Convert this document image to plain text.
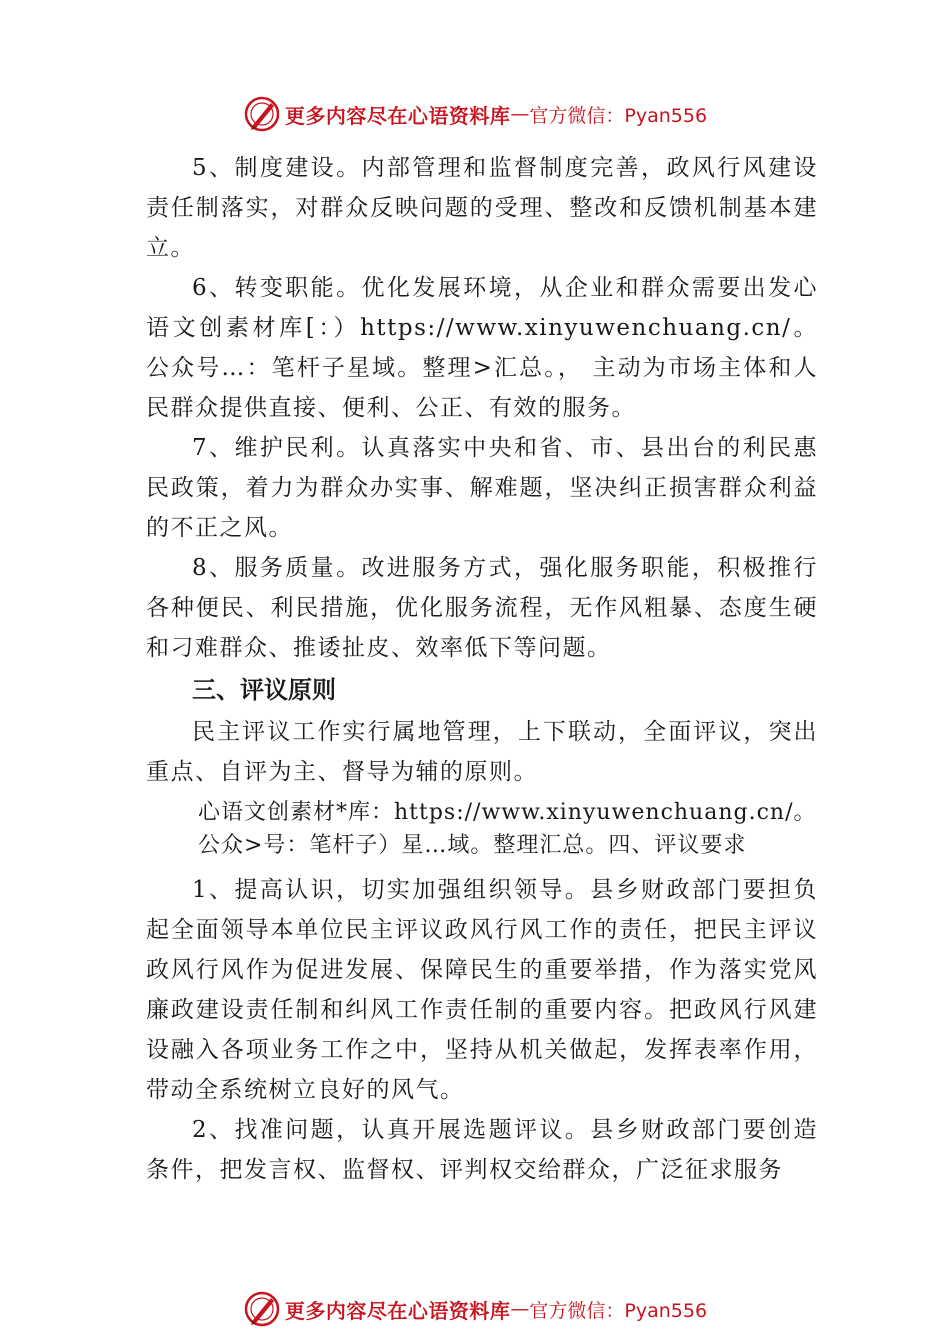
更多内容尽在心语资料库 — 官方微信：Pyan556

5、制度建设。内部管理和监督制度完善，政风行风建设责任制落实，对群众反映问题的受理、整改和反馈机制基本建立。

6、转变职能。优化发展环境，从企业和群众需要出发心语文创素材库[：）https://www.xinyuwenchuang.cn/。公众号…：笔杆子星域。整理>汇总。， 主动为市场主体和人民群众提供直接、便利、公正、有效的服务。

7、维护民利。认真落实中央和省、市、县出台的利民惠民政策，着力为群众办实事、解难题，坚决纠正损害群众利益的不正之风。

8、服务质量。改进服务方式，强化服务职能，积极推行各种便民、利民措施，优化服务流程，无作风粗暴、态度生硬和刁难群众、推诿扯皮、效率低下等问题。

三、评议原则

民主评议工作实行属地管理，上下联动，全面评议，突出重点、自评为主、督导为辅的原则。

心语文创素材*库：https://www.xinyuwenchuang.cn/。
公众>号：笔杆子）星…域。整理汇总。四、评议要求

1、提高认识，切实加强组织领导。县乡财政部门要担负起全面领导本单位民主评议政风行风工作的责任，把民主评议政风行风作为促进发展、保障民生的重要举措，作为落实党风廉政建设责任制和纠风工作责任制的重要内容。把政风行风建设融入各项业务工作之中，坚持从机关做起，发挥表率作用，带动全系统树立良好的风气。

2、找准问题，认真开展选题评议。县乡财政部门要创造条件，把发言权、监督权、评判权交给群众，广泛征求服务

更多内容尽在心语资料库 — 官方微信：Pyan556
